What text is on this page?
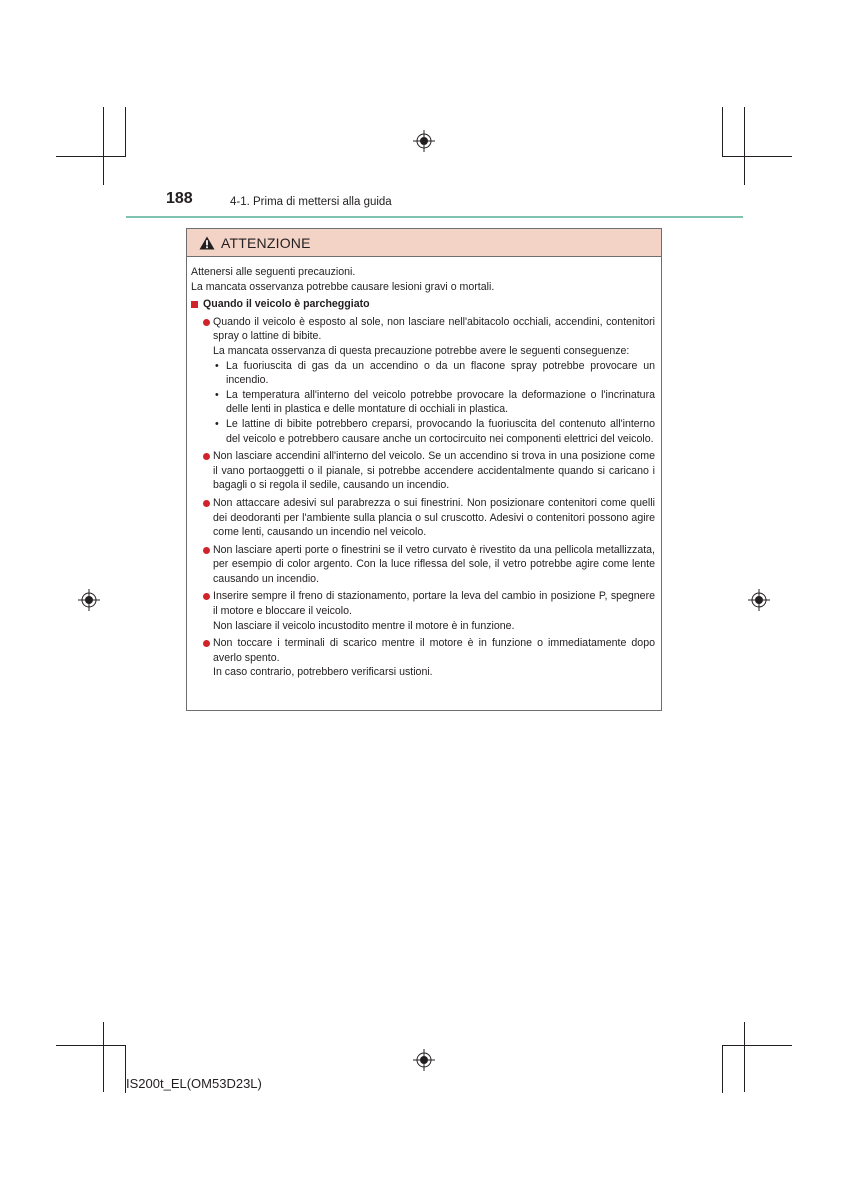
188	4-1. Prima di mettersi alla guida
ATTENZIONE

Attenersi alle seguenti precauzioni.

La mancata osservanza potrebbe causare lesioni gravi o mortali.

Quando il veicolo è parcheggiato

Quando il veicolo è esposto al sole, non lasciare nell'abitacolo occhiali, accendini, contenitori spray o lattine di bibite.

La mancata osservanza di questa precauzione potrebbe avere le seguenti conseguenze:

• La fuoriuscita di gas da un accendino o da un flacone spray potrebbe provocare un incendio.
• La temperatura all'interno del veicolo potrebbe provocare la deformazione o l'incrinatura delle lenti in plastica e delle montature di occhiali in plastica.
• Le lattine di bibite potrebbero creparsi, provocando la fuoriuscita del contenuto all'interno del veicolo e potrebbero causare anche un cortocircuito nei componenti elettrici del veicolo.

Non lasciare accendini all'interno del veicolo. Se un accendino si trova in una posizione come il vano portaoggetti o il pianale, si potrebbe accendere accidentalmente quando si caricano i bagagli o si regola il sedile, causando un incendio.

Non attaccare adesivi sul parabrezza o sui finestrini. Non posizionare contenitori come quelli dei deodoranti per l'ambiente sulla plancia o sul cruscotto. Adesivi o contenitori possono agire come lenti, causando un incendio nel veicolo.

Non lasciare aperti porte o finestrini se il vetro curvato è rivestito da una pellicola metallizzata, per esempio di color argento. Con la luce riflessa del sole, il vetro potrebbe agire come lente causando un incendio.

Inserire sempre il freno di stazionamento, portare la leva del cambio in posizione P, spegnere il motore e bloccare il veicolo.

Non lasciare il veicolo incustodito mentre il motore è in funzione.

Non toccare i terminali di scarico mentre il motore è in funzione o immediatamente dopo averlo spento.

In caso contrario, potrebbero verificarsi ustioni.

IS200t_EL(OM53D23L)
